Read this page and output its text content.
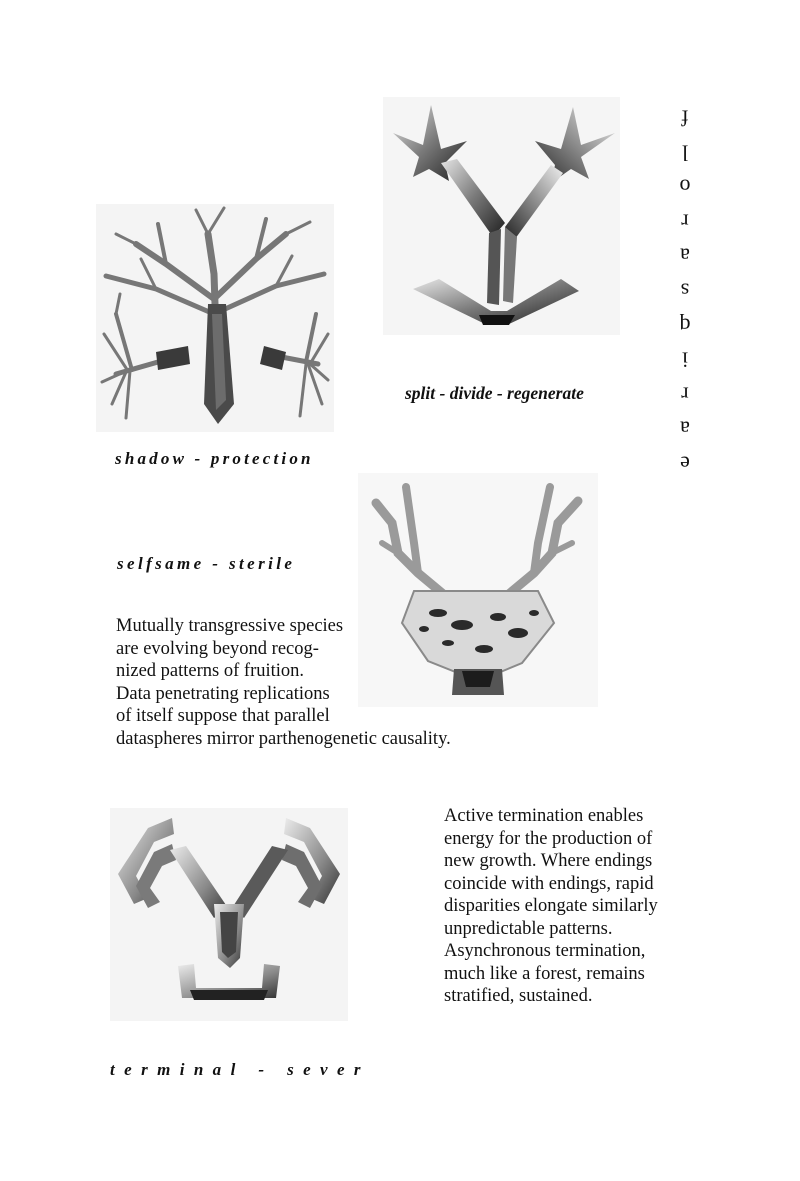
split - divide - regenerate
shadow - protection
selfsame - sterile
terminal - sever

Mutually transgressive species
are evolving beyond recog-
nized patterns of fruition.
Data penetrating replications
of itself suppose that parallel
dataspheres mirror parthenogenetic causality.

Active termination enables
energy for the production of
new growth. Where endings
coincide with endings, rapid
disparities elongate similarly
unpredictable patterns.
Asynchronous termination,
much like a forest, remains
stratified, sustained.

f
l
o
r
a
s
q
i
r
a
e
